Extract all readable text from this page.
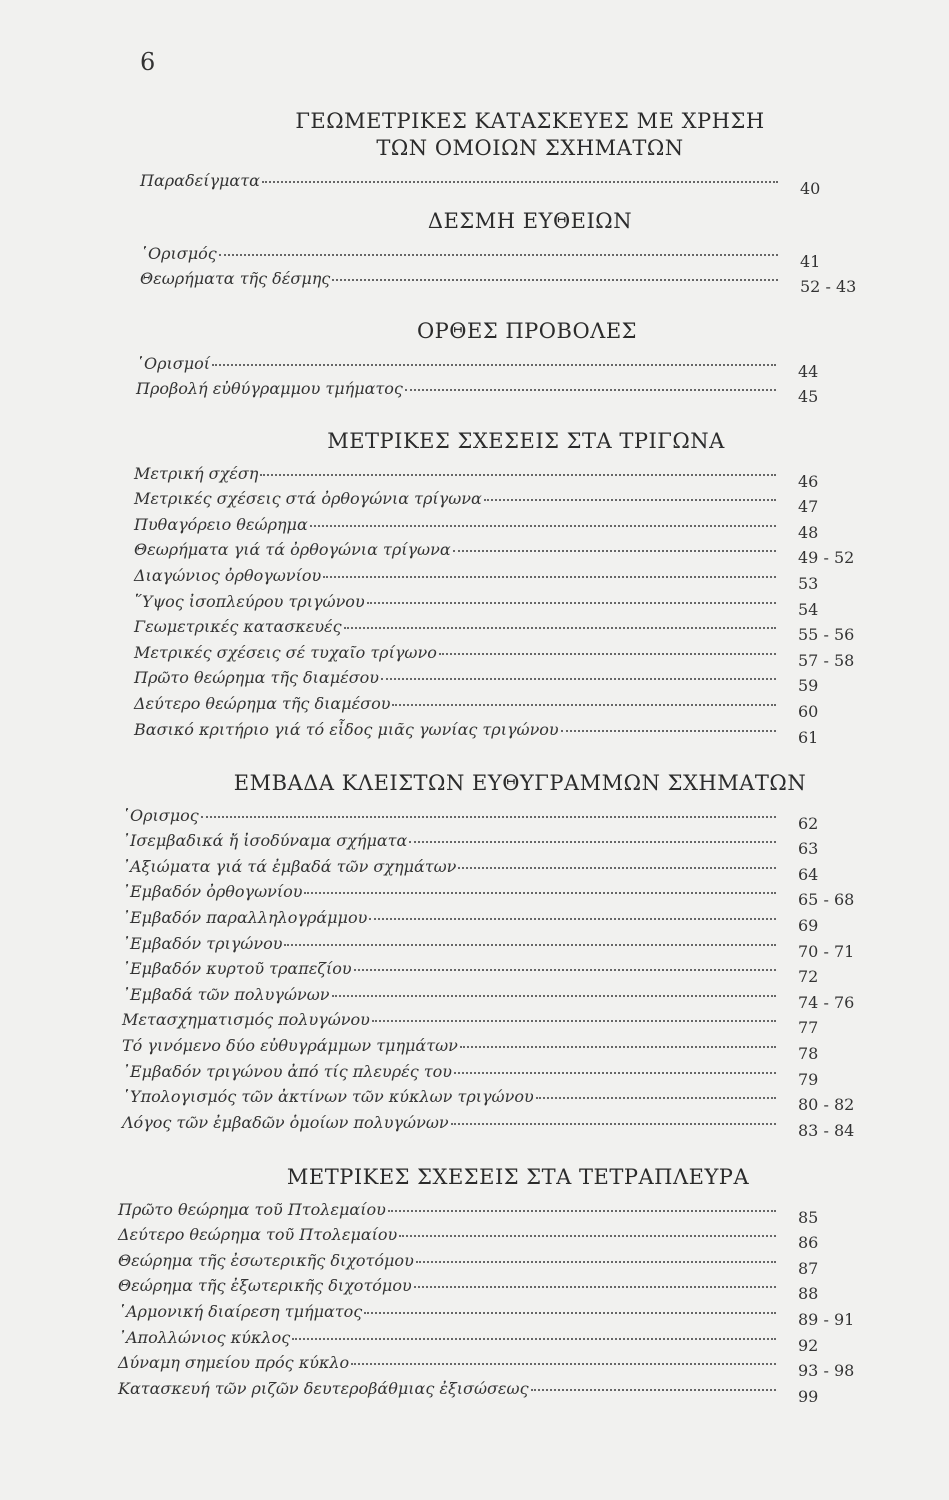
6
ΓΕΩΜΕΤΡΙΚΕΣ ΚΑΤΑΣΚΕΥΕΣ ΜΕ ΧΡΗΣΗ
ΤΩΝ ΟΜΟΙΩΝ ΣΧΗΜΑΤΩΝ
Παραδείγματα	40
ΔΕΣΜΗ ΕΥΘΕΙΩΝ
῾Ορισμός	41
Θεωρήματα τῆς δέσμης	52 - 43
ΟΡΘΕΣ ΠΡΟΒΟΛΕΣ
῾Ορισμοί	44
Προβολή εὐθύγραμμου τμήματος	45
ΜΕΤΡΙΚΕΣ ΣΧΕΣΕΙΣ ΣΤΑ ΤΡΙΓΩΝΑ
Μετρική σχέση	46
Μετρικές σχέσεις στά ὀρθογώνια τρίγωνα	47
Πυθαγόρειο θεώρημα	48
Θεωρήματα γιά τά ὀρθογώνια τρίγωνα	49 - 52
Διαγώνιος ὀρθογωνίου	53
῞Υψος ἰσοπλεύρου τριγώνου	54
Γεωμετρικές κατασκευές	55 - 56
Μετρικές σχέσεις σέ τυχαῖο τρίγωνο	57 - 58
Πρῶτο θεώρημα τῆς διαμέσου	59
Δεύτερο θεώρημα τῆς διαμέσου	60
Βασικό κριτήριο γιά τό εἶδος μιᾶς γωνίας τριγώνου	61
ΕΜΒΑΔΑ ΚΛΕΙΣΤΩΝ ΕΥΘΥΓΡΑΜΜΩΝ ΣΧΗΜΑΤΩΝ
῾Ορισμος	62
᾿Ισεμβαδικά ἤ ἰσοδύναμα σχήματα	63
᾿Αξιώματα γιά τά ἐμβαδά τῶν σχημάτων	64
᾿Εμβαδόν ὀρθογωνίου	65 - 68
᾿Εμβαδόν παραλληλογράμμου	69
᾿Εμβαδόν τριγώνου	70 - 71
᾿Εμβαδόν κυρτοῦ τραπεζίου	72
᾿Εμβαδά τῶν πολυγώνων	74 - 76
Μετασχηματισμός πολυγώνου	77
Τό γινόμενο δύο εὐθυγράμμων τμημάτων	78
᾿Εμβαδόν τριγώνου ἀπό τίς πλευρές του	79
῾Υπολογισμός τῶν ἀκτίνων τῶν κύκλων τριγώνου	80 - 82
Λόγος τῶν ἐμβαδῶν ὁμοίων πολυγώνων	83 - 84
ΜΕΤΡΙΚΕΣ ΣΧΕΣΕΙΣ ΣΤΑ ΤΕΤΡΑΠΛΕΥΡΑ
Πρῶτο θεώρημα τοῦ Πτολεμαίου	85
Δεύτερο θεώρημα τοῦ Πτολεμαίου	86
Θεώρημα τῆς ἐσωτερικῆς διχοτόμου	87
Θεώρημα τῆς ἐξωτερικῆς διχοτόμου	88
῾Αρμονική διαίρεση τμήματος	89 - 91
᾿Απολλώνιος κύκλος	92
Δύναμη σημείου πρός κύκλο	93 - 98
Κατασκευή τῶν ριζῶν δευτεροβάθμιας ἐξισώσεως	99
